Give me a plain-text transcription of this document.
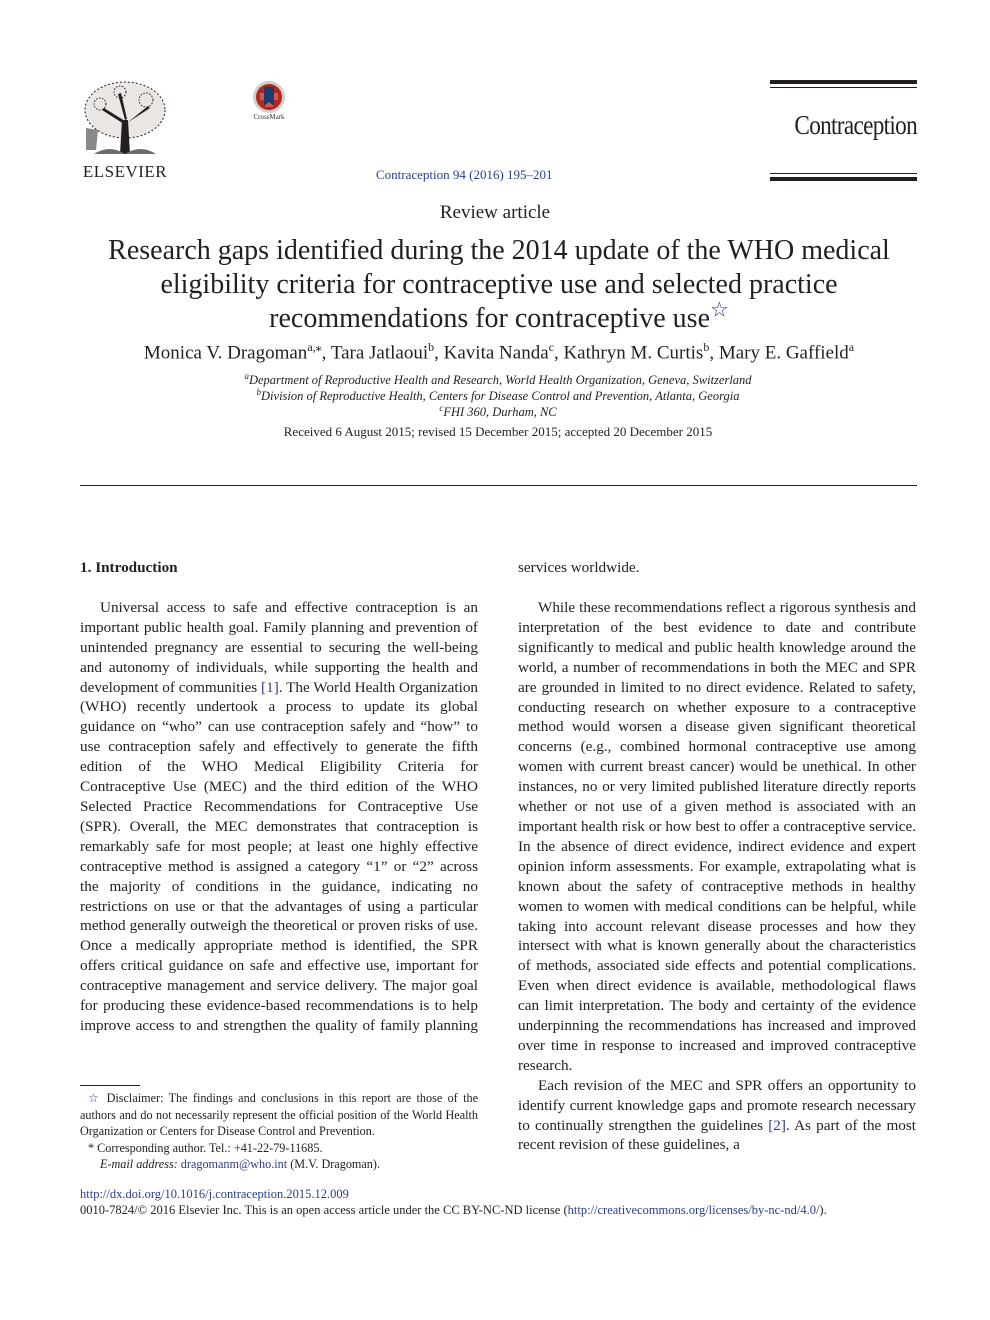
ELSEVIER
CrossMark
Contraception 94 (2016) 195–201
Contraception
Review article
Research gaps identified during the 2014 update of the WHO medical eligibility criteria for contraceptive use and selected practice recommendations for contraceptive use☆
Monica V. Dragoman$^{a,⁎}$, Tara Jatlaoui$^b$, Kavita Nanda$^c$, Kathryn M. Curtis$^b$, Mary E. Gaffield$^a$
$^a$Department of Reproductive Health and Research, World Health Organization, Geneva, Switzerland
$^b$Division of Reproductive Health, Centers for Disease Control and Prevention, Atlanta, Georgia
$^c$FHI 360, Durham, NC
Received 6 August 2015; revised 15 December 2015; accepted 20 December 2015

1. Introduction

Universal access to safe and effective contraception is an important public health goal. Family planning and prevention of unintended pregnancy are essential to securing the well-being and autonomy of individuals, while supporting the health and development of communities [1]. The World Health Organization (WHO) recently undertook a process to update its global guidance on “who” can use contraception safely and “how” to use contraception safely and effectively to generate the fifth edition of the WHO Medical Eligibility Criteria for Contraceptive Use (MEC) and the third edition of the WHO Selected Practice Recommendations for Contraceptive Use (SPR). Overall, the MEC demonstrates that contraception is remarkably safe for most people; at least one highly effective contraceptive method is assigned a category “1” or “2” across the majority of conditions in the guidance, indicating no restrictions on use or that the advantages of using a particular method generally outweigh the theoretical or proven risks of use. Once a medically appropriate method is identified, the SPR offers critical guidance on safe and effective use, important for contraceptive management and service delivery. The major goal for producing these evidence-based recommendations is to help improve access to and strengthen the quality of family planning

services worldwide.

While these recommendations reflect a rigorous synthesis and interpretation of the best evidence to date and contribute significantly to medical and public health knowledge around the world, a number of recommendations in both the MEC and SPR are grounded in limited to no direct evidence. Related to safety, conducting research on whether exposure to a contraceptive method would worsen a disease given significant theoretical concerns (e.g., combined hormonal contraceptive use among women with current breast cancer) would be unethical. In other instances, no or very limited published literature directly reports whether or not use of a given method is associated with an important health risk or how best to offer a contraceptive service. In the absence of direct evidence, indirect evidence and expert opinion inform assessments. For example, extrapolating what is known about the safety of contraceptive methods in healthy women to women with medical conditions can be helpful, while taking into account relevant disease processes and how they intersect with what is known generally about the characteristics of methods, associated side effects and potential complications. Even when direct evidence is available, methodological flaws can limit interpretation. The body and certainty of the evidence underpinning the recommendations has increased and improved over time in response to increased and improved contraceptive research.

Each revision of the MEC and SPR offers an opportunity to identify current knowledge gaps and promote research necessary to continually strengthen the guidelines [2]. As part of the most recent revision of these guidelines, a

☆ Disclaimer: The findings and conclusions in this report are those of the authors and do not necessarily represent the official position of the World Health Organization or Centers for Disease Control and Prevention.

* Corresponding author. Tel.: +41-22-79-11685.

E-mail address: dragomanm@who.int (M.V. Dragoman).

http://dx.doi.org/10.1016/j.contraception.2015.12.009
0010-7824/© 2016 Elsevier Inc. This is an open access article under the CC BY-NC-ND license (http://creativecommons.org/licenses/by-nc-nd/4.0/).
